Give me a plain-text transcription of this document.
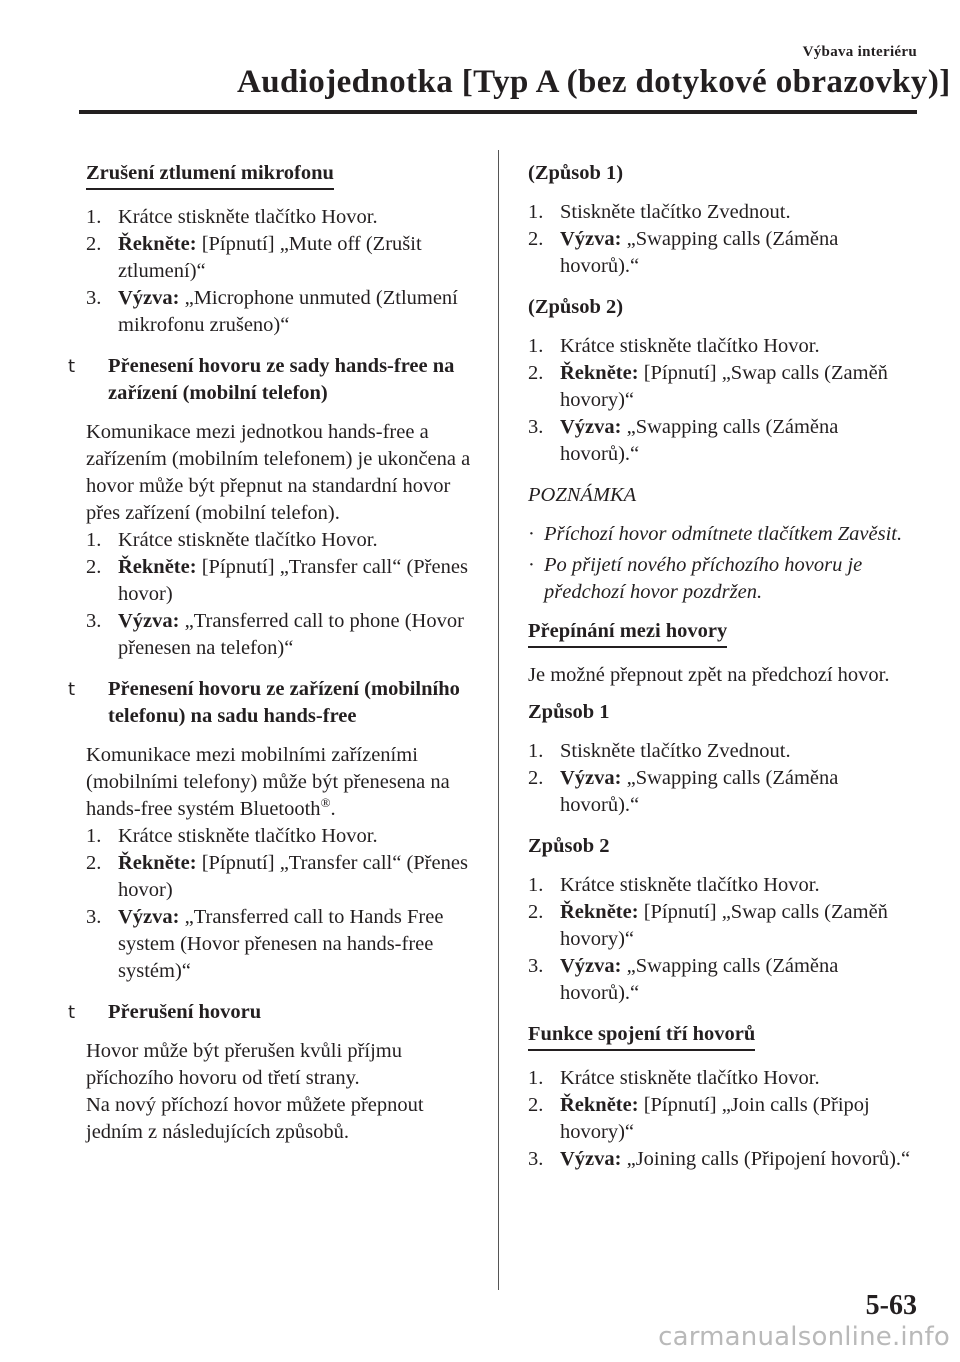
Výbava interiéru
Audiojednotka [Typ A (bez dotykové obrazovky)]
Zrušení ztlumení mikrofonu
1. Krátce stiskněte tlačítko Hovor.
2. Řekněte: [Pípnutí] „Mute off (Zrušit ztlumení)“
3. Výzva: „Microphone unmuted (Ztlumení mikrofonu zrušeno)“
t Přenesení hovoru ze sady hands-free na zařízení (mobilní telefon)
Komunikace mezi jednotkou hands-free a zařízením (mobilním telefonem) je ukončena a hovor může být přepnut na standardní hovor přes zařízení (mobilní telefon).
1. Krátce stiskněte tlačítko Hovor.
2. Řekněte: [Pípnutí] „Transfer call“ (Přenes hovor)
3. Výzva: „Transferred call to phone (Hovor přenesen na telefon)“
t Přenesení hovoru ze zařízení (mobilního telefonu) na sadu hands-free
Komunikace mezi mobilními zařízeními (mobilními telefony) může být přenesena na hands-free systém Bluetooth®.
1. Krátce stiskněte tlačítko Hovor.
2. Řekněte: [Pípnutí] „Transfer call“ (Přenes hovor)
3. Výzva: „Transferred call to Hands Free system (Hovor přenesen na hands-free systém)“
t Přerušení hovoru
Hovor může být přerušen kvůli příjmu příchozího hovoru od třetí strany.
Na nový příchozí hovor můžete přepnout jedním z následujících způsobů.
(Způsob 1)
1. Stiskněte tlačítko Zvednout.
2. Výzva: „Swapping calls (Záměna hovorů).“
(Způsob 2)
1. Krátce stiskněte tlačítko Hovor.
2. Řekněte: [Pípnutí] „Swap calls (Zaměň hovory)“
3. Výzva: „Swapping calls (Záměna hovorů).“
POZNÁMKA
· Příchozí hovor odmítnete tlačítkem Zavěsit.
· Po přijetí nového příchozího hovoru je předchozí hovor pozdržen.
Přepínání mezi hovory
Je možné přepnout zpět na předchozí hovor.
Způsob 1
1. Stiskněte tlačítko Zvednout.
2. Výzva: „Swapping calls (Záměna hovorů).“
Způsob 2
1. Krátce stiskněte tlačítko Hovor.
2. Řekněte: [Pípnutí] „Swap calls (Zaměň hovory)“
3. Výzva: „Swapping calls (Záměna hovorů).“
Funkce spojení tří hovorů
1. Krátce stiskněte tlačítko Hovor.
2. Řekněte: [Pípnutí] „Join calls (Připoj hovory)“
3. Výzva: „Joining calls (Připojení hovorů).“
5-63
carmanualsonline.info
